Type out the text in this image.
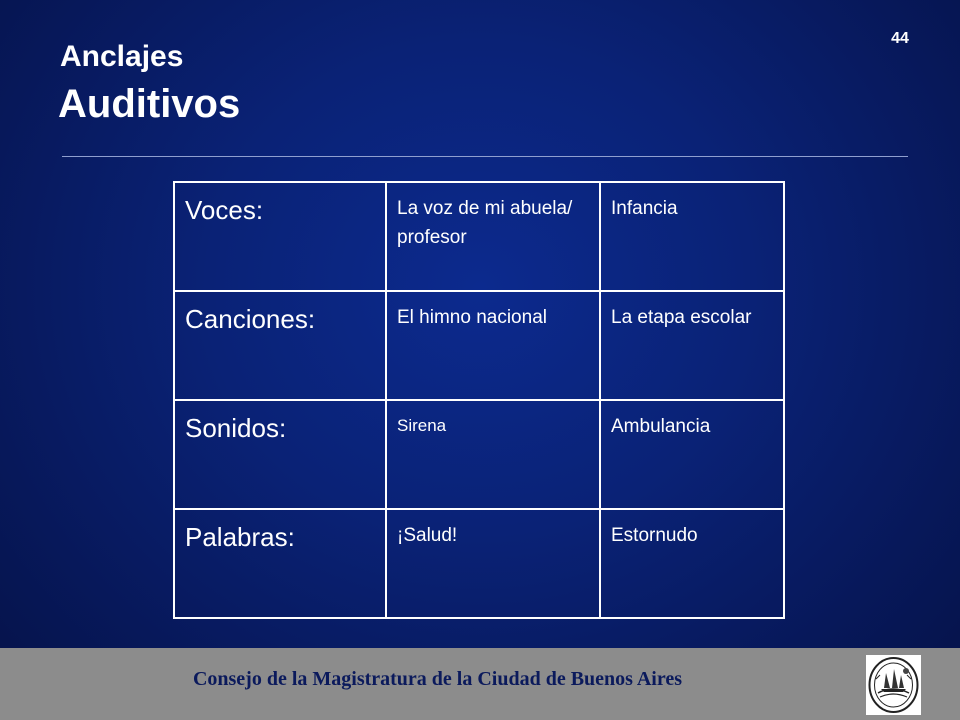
44
Anclajes
Auditivos
Voces:	La voz de mi abuela/ profesor	Infancia
Canciones:	El himno nacional	La etapa escolar
Sonidos:	Sirena	Ambulancia
Palabras:	¡Salud!	Estornudo
Consejo de la Magistratura de la Ciudad de Buenos Aires
